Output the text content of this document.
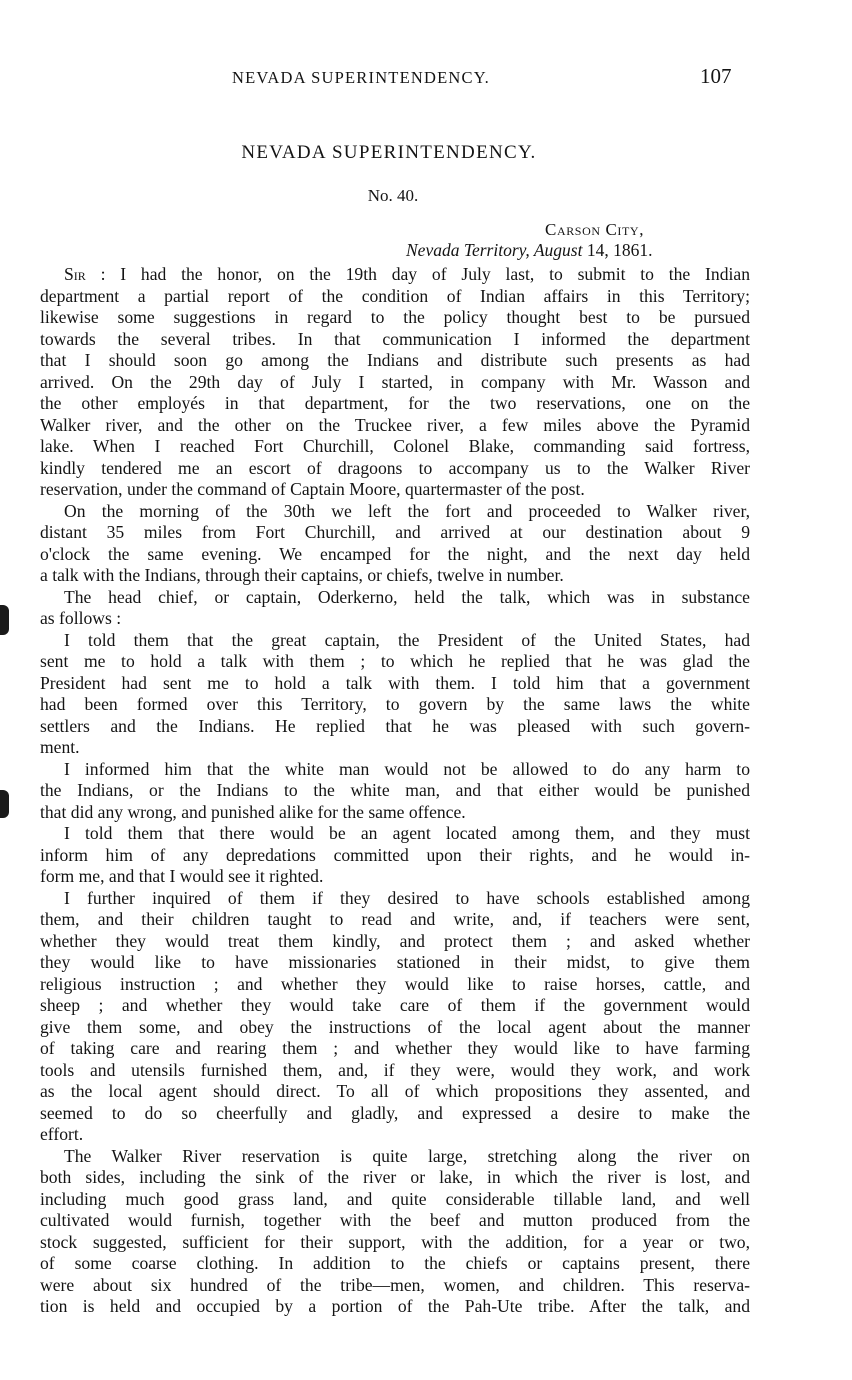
NEVADA SUPERINTENDENCY.	107
NEVADA SUPERINTENDENCY.
No. 40.
Carson City,
Nevada Territory, August 14, 1861.
Sir : I had the honor, on the 19th day of July last, to submit to the Indian
department a partial report of the condition of Indian affairs in this Territory;
likewise some suggestions in regard to the policy thought best to be pursued
towards the several tribes. In that communication I informed the department
that I should soon go among the Indians and distribute such presents as had
arrived. On the 29th day of July I started, in company with Mr. Wasson and
the other employés in that department, for the two reservations, one on the
Walker river, and the other on the Truckee river, a few miles above the Pyramid
lake. When I reached Fort Churchill, Colonel Blake, commanding said fortress,
kindly tendered me an escort of dragoons to accompany us to the Walker River
reservation, under the command of Captain Moore, quartermaster of the post.
On the morning of the 30th we left the fort and proceeded to Walker river,
distant 35 miles from Fort Churchill, and arrived at our destination about 9
o'clock the same evening. We encamped for the night, and the next day held
a talk with the Indians, through their captains, or chiefs, twelve in number.
The head chief, or captain, Oderkerno, held the talk, which was in substance
as follows :
I told them that the great captain, the President of the United States, had
sent me to hold a talk with them ; to which he replied that he was glad the
President had sent me to hold a talk with them. I told him that a government
had been formed over this Territory, to govern by the same laws the white
settlers and the Indians. He replied that he was pleased with such govern-
ment.
I informed him that the white man would not be allowed to do any harm to
the Indians, or the Indians to the white man, and that either would be punished
that did any wrong, and punished alike for the same offence.
I told them that there would be an agent located among them, and they must
inform him of any depredations committed upon their rights, and he would in-
form me, and that I would see it righted.
I further inquired of them if they desired to have schools established among
them, and their children taught to read and write, and, if teachers were sent,
whether they would treat them kindly, and protect them ; and asked whether
they would like to have missionaries stationed in their midst, to give them
religious instruction ; and whether they would like to raise horses, cattle, and
sheep ; and whether they would take care of them if the government would
give them some, and obey the instructions of the local agent about the manner
of taking care and rearing them ; and whether they would like to have farming
tools and utensils furnished them, and, if they were, would they work, and work
as the local agent should direct. To all of which propositions they assented, and
seemed to do so cheerfully and gladly, and expressed a desire to make the
effort.
The Walker River reservation is quite large, stretching along the river on
both sides, including the sink of the river or lake, in which the river is lost, and
including much good grass land, and quite considerable tillable land, and well
cultivated would furnish, together with the beef and mutton produced from the
stock suggested, sufficient for their support, with the addition, for a year or two,
of some coarse clothing. In addition to the chiefs or captains present, there
were about six hundred of the tribe—men, women, and children. This reserva-
tion is held and occupied by a portion of the Pah-Ute tribe. After the talk, and
